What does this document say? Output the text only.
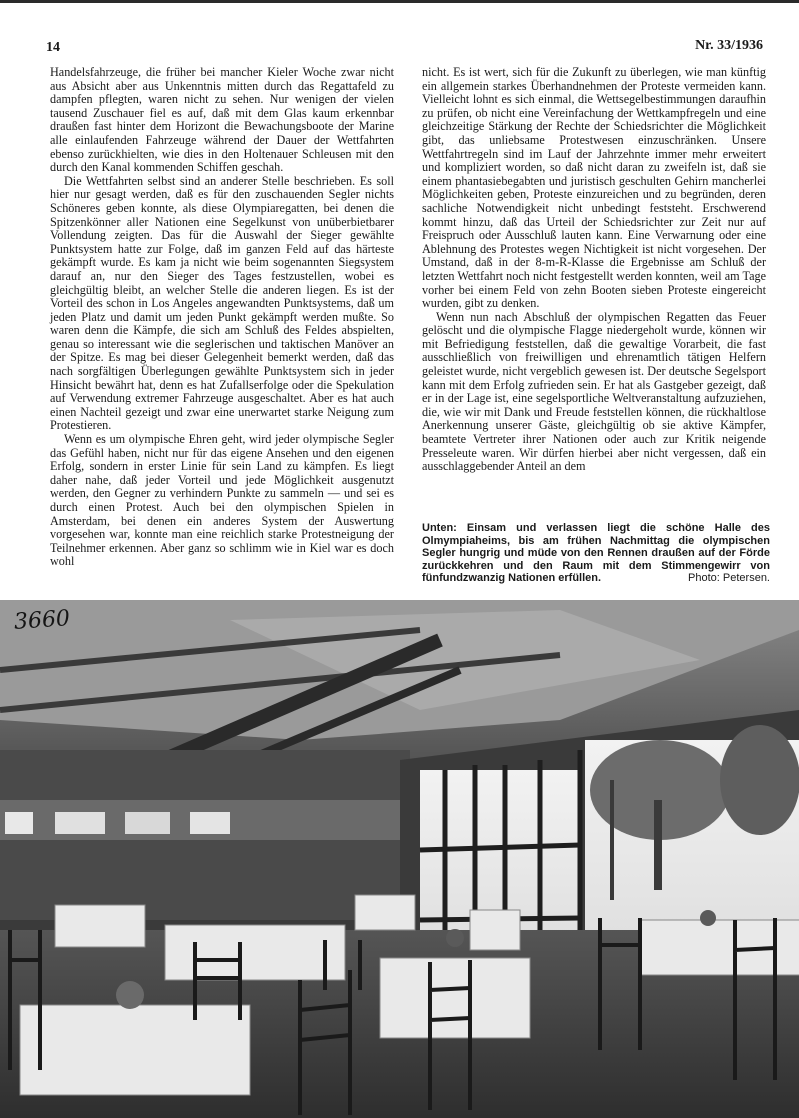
14	Nr. 33/1936

Handelsfahrzeuge, die früher bei mancher Kieler Woche zwar nicht aus Absicht aber aus Unkenntnis mitten durch das Regattafeld zu dampfen pflegten, waren nicht zu sehen. Nur wenigen der vielen tausend Zuschauer fiel es auf, daß mit dem Glas kaum erkennbar draußen fast hinter dem Horizont die Bewachungsboote der Marine alle einlaufenden Fahrzeuge während der Dauer der Wettfahrten ebenso zurückhielten, wie dies in den Holtenauer Schleusen mit den durch den Kanal kommenden Schiffen geschah.

Die Wettfahrten selbst sind an anderer Stelle beschrieben. Es soll hier nur gesagt werden, daß es für den zuschauenden Segler nichts Schöneres geben konnte, als diese Olympiaregatten, bei denen die Spitzenkönner aller Nationen eine Segelkunst von unüberbietbarer Vollendung zeigten. Das für die Auswahl der Sieger gewählte Punktsystem hatte zur Folge, daß im ganzen Feld auf das härteste gekämpft wurde. Es kam ja nicht wie beim sogenannten Siegsystem darauf an, nur den Sieger des Tages festzustellen, wobei es gleichgültig bleibt, an welcher Stelle die anderen liegen. Es ist der Vorteil des schon in Los Angeles angewandten Punktsystems, daß um jeden Platz und damit um jeden Punkt gekämpft werden mußte. So waren denn die Kämpfe, die sich am Schluß des Feldes abspielten, genau so interessant wie die seglerischen und taktischen Manöver an der Spitze. Es mag bei dieser Gelegenheit bemerkt werden, daß das nach sorgfältigen Überlegungen gewählte Punktsystem sich in jeder Hinsicht bewährt hat, denn es hat Zufallserfolge oder die Spekulation auf Verwendung extremer Fahrzeuge ausgeschaltet. Aber es hat auch einen Nachteil gezeigt und zwar eine unerwartet starke Neigung zum Protestieren.

Wenn es um olympische Ehren geht, wird jeder olympische Segler das Gefühl haben, nicht nur für das eigene Ansehen und den eigenen Erfolg, sondern in erster Linie für sein Land zu kämpfen. Es liegt daher nahe, daß jeder Vorteil und jede Möglichkeit ausgenutzt werden, den Gegner zu verhindern Punkte zu sammeln — und sei es durch einen Protest. Auch bei den olympischen Spielen in Amsterdam, bei denen ein anderes System der Auswertung vorgesehen war, konnte man eine reichlich starke Protestneigung der Teilnehmer erkennen. Aber ganz so schlimm wie in Kiel war es doch wohl

nicht. Es ist wert, sich für die Zukunft zu überlegen, wie man künftig ein allgemein starkes Überhandnehmen der Proteste vermeiden kann. Vielleicht lohnt es sich einmal, die Wettsegelbestimmungen daraufhin zu prüfen, ob nicht eine Vereinfachung der Wettkampfregeln und eine gleichzeitige Stärkung der Rechte der Schiedsrichter die Möglichkeit gibt, das unliebsame Protestwesen einzuschränken. Unsere Wettfahrtregeln sind im Lauf der Jahrzehnte immer mehr erweitert und kompliziert worden, so daß nicht daran zu zweifeln ist, daß sie einem phantasiebegabten und juristisch geschulten Gehirn mancherlei Möglichkeiten geben, Proteste einzureichen und zu begründen, deren sachliche Notwendigkeit nicht unbedingt feststeht. Erschwerend kommt hinzu, daß das Urteil der Schiedsrichter zur Zeit nur auf Freispruch oder Ausschluß lauten kann. Eine Verwarnung oder eine Ablehnung des Protestes wegen Nichtigkeit ist nicht vorgesehen. Der Umstand, daß in der 8-m-R-Klasse die Ergebnisse am Schluß der letzten Wettfahrt noch nicht festgestellt werden konnten, weil am Tage vorher bei einem Feld von zehn Booten sieben Proteste eingereicht wurden, gibt zu denken.

Wenn nun nach Abschluß der olympischen Regatten das Feuer gelöscht und die olympische Flagge niedergeholt wurde, können wir mit Befriedigung feststellen, daß die gewaltige Vorarbeit, die fast ausschließlich von freiwilligen und ehrenamtlich tätigen Helfern geleistet wurde, nicht vergeblich gewesen ist. Der deutsche Segelsport kann mit dem Erfolg zufrieden sein. Er hat als Gastgeber gezeigt, daß er in der Lage ist, eine segelsportliche Weltveranstaltung aufzuziehen, die, wie wir mit Dank und Freude feststellen können, die rückhaltlose Anerkennung unserer Gäste, gleichgültig ob sie aktive Kämpfer, beamtete Vertreter ihrer Nationen oder auch zur Kritik neigende Presseleute waren. Wir dürfen hierbei aber nicht vergessen, daß ein ausschlaggebender Anteil an dem

Unten: Einsam und verlassen liegt die schöne Halle des Olmympiaheims, bis am frühen Nachmittag die olympischen Segler hungrig und müde von den Rennen draußen auf der Förde zurückkehren und den Raum mit dem Stimmengewirr von fünfundzwanzig Nationen erfüllen.	Photo: Petersen.
3660
